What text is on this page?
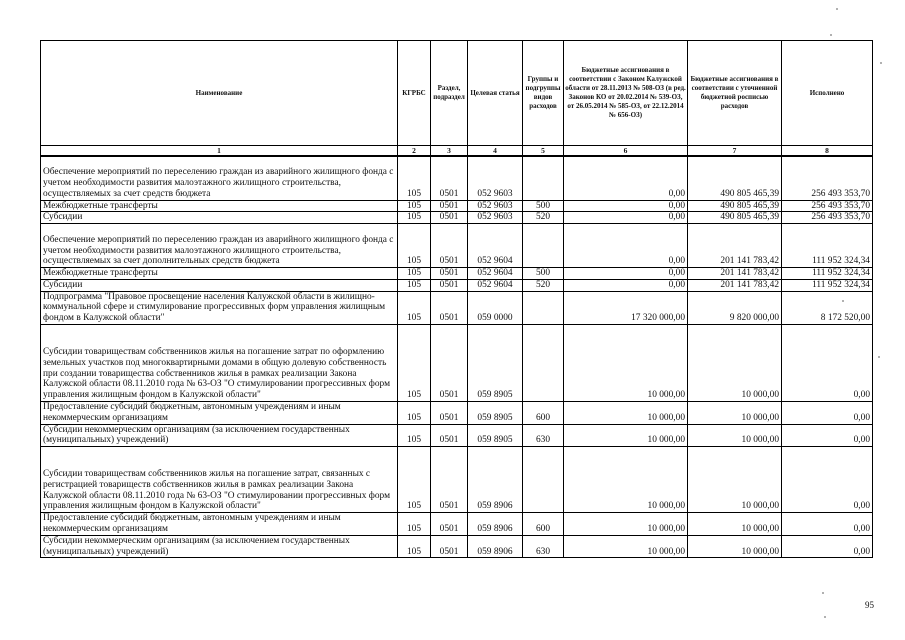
Наименование	КГРБС	Раздел, подраздел	Целевая статья	Группы и подгруппы видов расходов	Бюджетные ассигнования в соответствии с Законом Калужской области от 28.11.2013 № 508-ОЗ (в ред. Законов КО от 20.02.2014 № 539-ОЗ, от 26.05.2014 № 585-ОЗ, от 22.12.2014 № 656-ОЗ)	Бюджетные ассигнования в соответствии с уточненной бюджетной росписью расходов	Исполнено
1	2	3	4	5	6	7	8
Обеспечение мероприятий по переселению граждан из аварийного жилищного фонда с учетом необходимости развития малоэтажного жилищного строительства, осуществляемых за счет средств бюджета	105	0501	052 9603		0,00	490 805 465,39	256 493 353,70
Межбюджетные трансферты	105	0501	052 9603	500	0,00	490 805 465,39	256 493 353,70
Субсидии	105	0501	052 9603	520	0,00	490 805 465,39	256 493 353,70
Обеспечение мероприятий по переселению граждан из аварийного жилищного фонда с учетом необходимости развития малоэтажного жилищного строительства, осуществляемых за счет дополнительных средств бюджета	105	0501	052 9604		0,00	201 141 783,42	111 952 324,34
Межбюджетные трансферты	105	0501	052 9604	500	0,00	201 141 783,42	111 952 324,34
Субсидии	105	0501	052 9604	520	0,00	201 141 783,42	111 952 324,34
Подпрограмма "Правовое просвещение населения Калужской области в жилищно-коммунальной сфере и стимулирование прогрессивных форм управления жилищным фондом в Калужской области"	105	0501	059 0000		17 320 000,00	9 820 000,00	8 172 520,00
Субсидии товариществам собственников жилья на погашение затрат по оформлению земельных участков под многоквартирными домами в общую долевую собственность при создании товарищества собственников жилья в рамках реализации Закона Калужской области 08.11.2010 года № 63-ОЗ "О стимулировании прогрессивных форм управления жилищным фондом в Калужской области"	105	0501	059 8905		10 000,00	10 000,00	0,00
Предоставление субсидий бюджетным, автономным учреждениям и иным некоммерческим организациям	105	0501	059 8905	600	10 000,00	10 000,00	0,00
Субсидии некоммерческим организациям (за исключением государственных (муниципальных) учреждений)	105	0501	059 8905	630	10 000,00	10 000,00	0,00
Субсидии товариществам собственников жилья на погашение затрат, связанных с регистрацией товариществ собственников жилья в рамках реализации Закона Калужской области 08.11.2010 года № 63-ОЗ "О стимулировании прогрессивных форм управления жилищным фондом в Калужской области"	105	0501	059 8906		10 000,00	10 000,00	0,00
Предоставление субсидий бюджетным, автономным учреждениям и иным некоммерческим организациям	105	0501	059 8906	600	10 000,00	10 000,00	0,00
Субсидии некоммерческим организациям (за исключением государственных (муниципальных) учреждений)	105	0501	059 8906	630	10 000,00	10 000,00	0,00
95
